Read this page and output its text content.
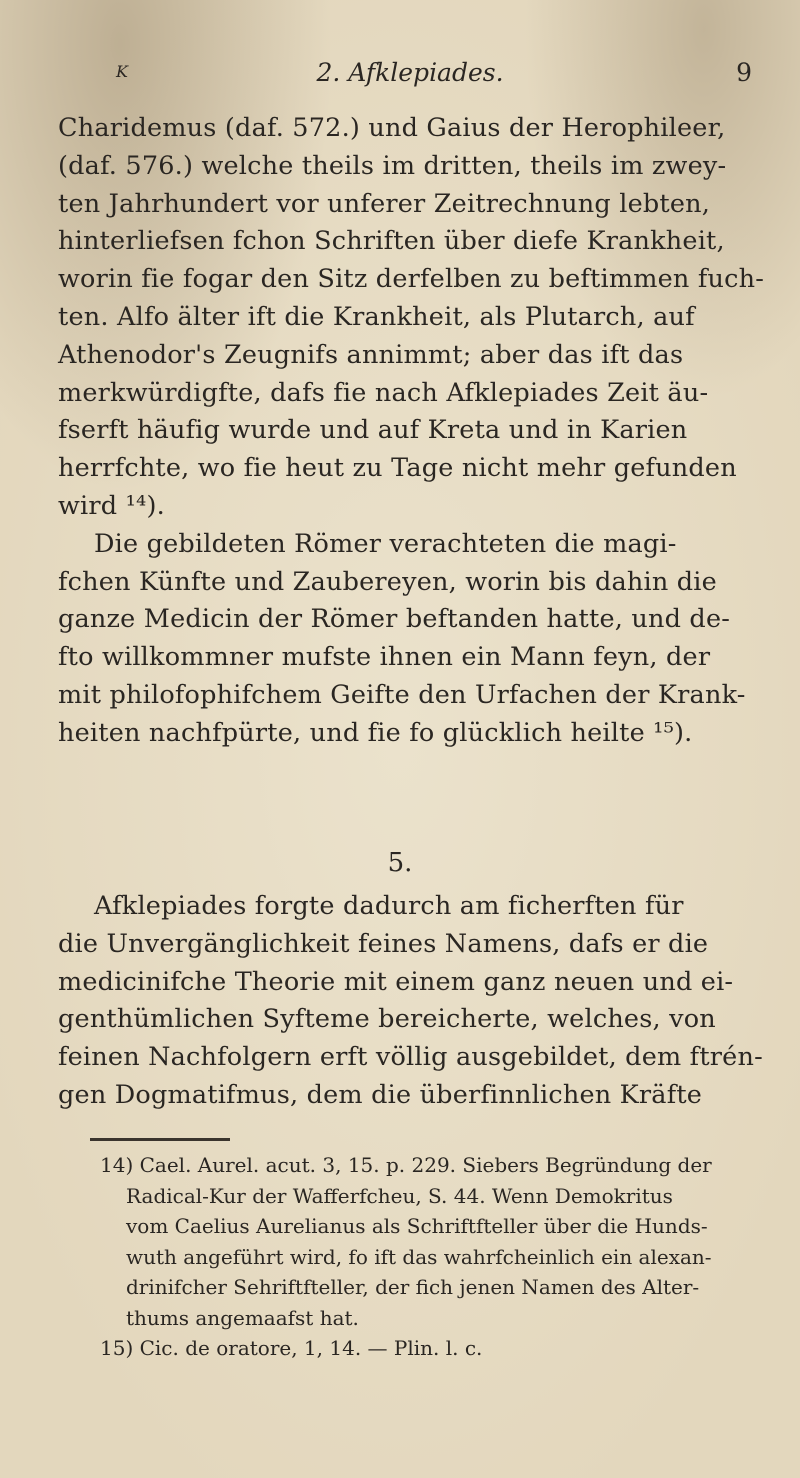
K	2. Afklepiades.	9
Charidemus (daf. 572.) und Gaius der Herophileer,
(daf. 576.) welche theils im dritten, theils im zwey-
ten Jahrhundert vor unferer Zeitrechnung lebten,
hinterliefsen fchon Schriften über diefe Krankheit,
worin fie fogar den Sitz derfelben zu beftimmen fuch-
ten. Alfo älter ift die Krankheit, als Plutarch, auf
Athenodor's Zeugnifs annimmt; aber das ift das
merkwürdigfte, dafs fie nach Afklepiades Zeit äu-
fserft häufig wurde und auf Kreta und in Karien
herrfchte, wo fie heut zu Tage nicht mehr gefunden
wird ¹⁴).
Die gebildeten Römer verachteten die magi-
fchen Künfte und Zaubereyen, worin bis dahin die
ganze Medicin der Römer beftanden hatte, und de-
fto willkommner mufste ihnen ein Mann feyn, der
mit philofophifchem Geifte den Urfachen der Krank-
heiten nachfpürte, und fie fo glücklich heilte ¹⁵).
5.
Afklepiades forgte dadurch am ficherften für
die Unvergänglichkeit feines Namens, dafs er die
medicinifche Theorie mit einem ganz neuen und ei-
genthümlichen Syfteme bereicherte, welches, von
feinen Nachfolgern erft völlig ausgebildet, dem ftrén-
gen Dogmatifmus, dem die überfinnlichen Kräfte
14) Cael. Aurel. acut. 3, 15. p. 229. Siebers Begründung der
Radical-Kur der Wafferfcheu, S. 44. Wenn Demokritus
vom Caelius Aurelianus als Schriftfteller über die Hunds-
wuth angeführt wird, fo ift das wahrfcheinlich ein alexan-
drinifcher Sehriftfteller, der fich jenen Namen des Alter-
thums angemaafst hat.
15) Cic. de oratore, 1, 14. — Plin. l. c.
